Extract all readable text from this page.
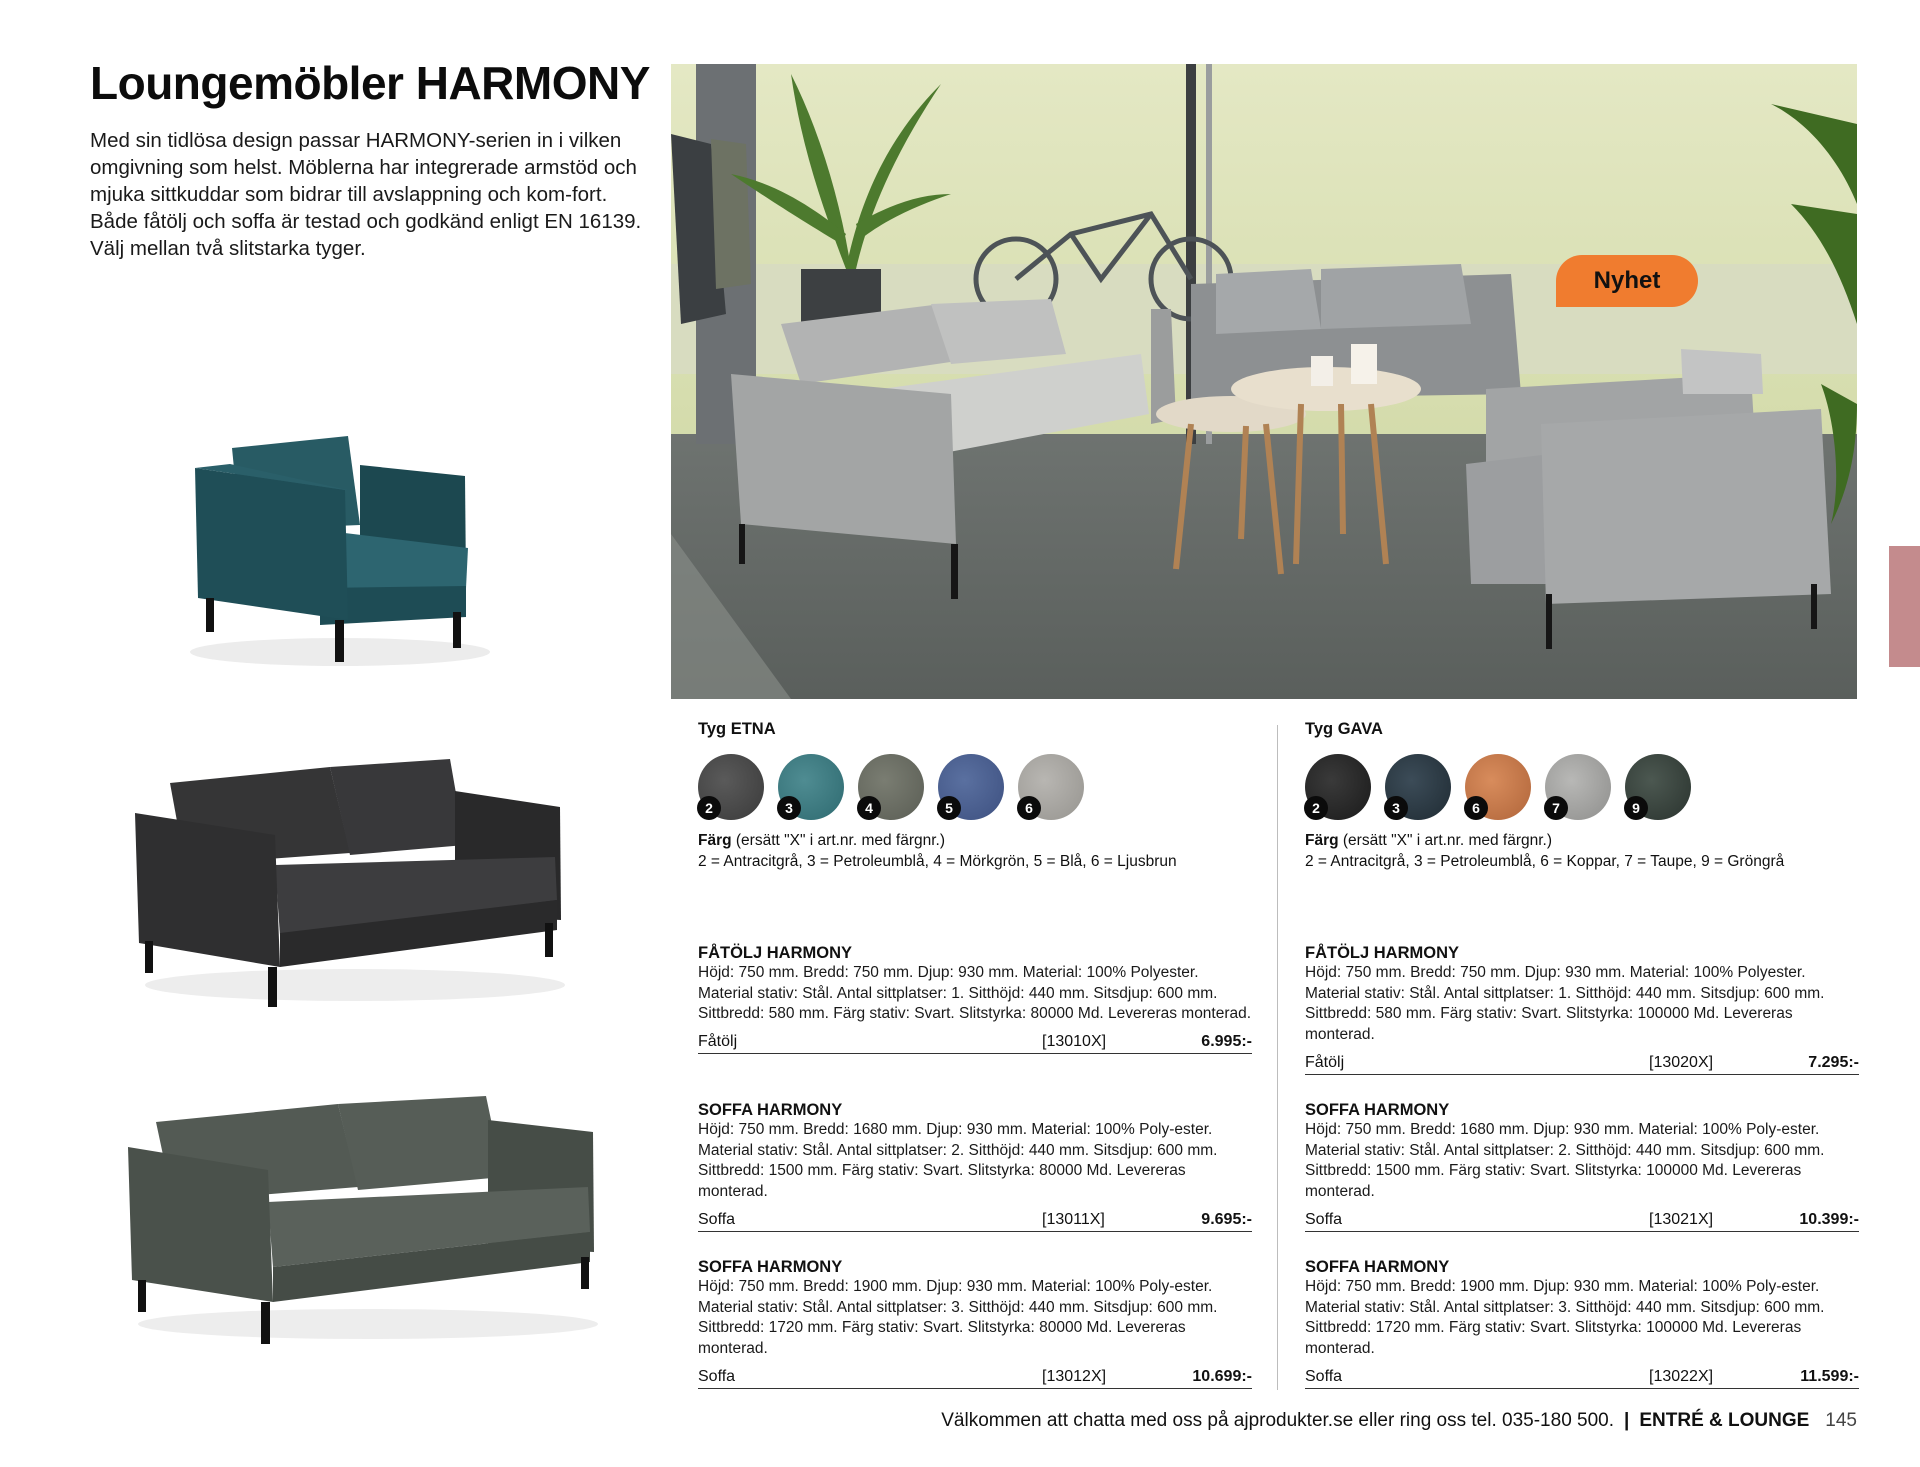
Loungemöbler HARMONY

Med sin tidlösa design passar HARMONY-serien in i vilken omgivning som helst. Möblerna har integrerade armstöd och mjuka sittkuddar som bidrar till avslappning och kom-fort. Både fåtölj och soffa är testad och godkänd enligt EN 16139. Välj mellan två slitstarka tyger.

Nyhet
Tyg ETNA
2	3	4	5	6
Färg (ersätt "X" i art.nr. med färgnr.)
2 = Antracitgrå, 3 = Petroleumblå, 4 = Mörkgrön, 5 = Blå, 6 = Ljusbrun
FÅTÖLJ HARMONY

Höjd: 750 mm. Bredd: 750 mm. Djup: 930 mm. Material: 100% Polyester. Material stativ: Stål. Antal sittplatser: 1. Sitthöjd: 440 mm. Sitsdjup: 600 mm. Sittbredd: 580 mm. Färg stativ: Svart. Slitstyrka: 80000 Md. Levereras monterad.

Fåtölj	[13010X]	6.995:-
SOFFA HARMONY

Höjd: 750 mm. Bredd: 1680 mm. Djup: 930 mm. Material: 100% Poly-ester. Material stativ: Stål. Antal sittplatser: 2. Sitthöjd: 440 mm. Sitsdjup: 600 mm. Sittbredd: 1500 mm. Färg stativ: Svart. Slitstyrka: 80000 Md. Levereras monterad.

Soffa	[13011X]	9.695:-
SOFFA HARMONY

Höjd: 750 mm. Bredd: 1900 mm. Djup: 930 mm. Material: 100% Poly-ester. Material stativ: Stål. Antal sittplatser: 3. Sitthöjd: 440 mm. Sitsdjup: 600 mm. Sittbredd: 1720 mm. Färg stativ: Svart. Slitstyrka: 80000 Md. Levereras monterad.

Soffa	[13012X]	10.699:-
Tyg GAVA
2	3	6	7	9
Färg (ersätt "X" i art.nr. med färgnr.)
2 = Antracitgrå, 3 = Petroleumblå, 6 = Koppar, 7 = Taupe, 9 = Gröngrå
FÅTÖLJ HARMONY

Höjd: 750 mm. Bredd: 750 mm. Djup: 930 mm. Material: 100% Polyester. Material stativ: Stål. Antal sittplatser: 1. Sitthöjd: 440 mm. Sitsdjup: 600 mm. Sittbredd: 580 mm. Färg stativ: Svart. Slitstyrka: 100000 Md. Levereras monterad.

Fåtölj	[13020X]	7.295:-
SOFFA HARMONY

Höjd: 750 mm. Bredd: 1680 mm. Djup: 930 mm. Material: 100% Poly-ester. Material stativ: Stål. Antal sittplatser: 2. Sitthöjd: 440 mm. Sitsdjup: 600 mm. Sittbredd: 1500 mm. Färg stativ: Svart. Slitstyrka: 100000 Md. Levereras monterad.

Soffa	[13021X]	10.399:-
SOFFA HARMONY

Höjd: 750 mm. Bredd: 1900 mm. Djup: 930 mm. Material: 100% Poly-ester. Material stativ: Stål. Antal sittplatser: 3. Sitthöjd: 440 mm. Sitsdjup: 600 mm. Sittbredd: 1720 mm. Färg stativ: Svart. Slitstyrka: 100000 Md. Levereras monterad.

Soffa	[13022X]	11.599:-
Välkommen att chatta med oss på ajprodukter.se eller ring oss tel. 035-180 500. | ENTRÉ & LOUNGE 145
